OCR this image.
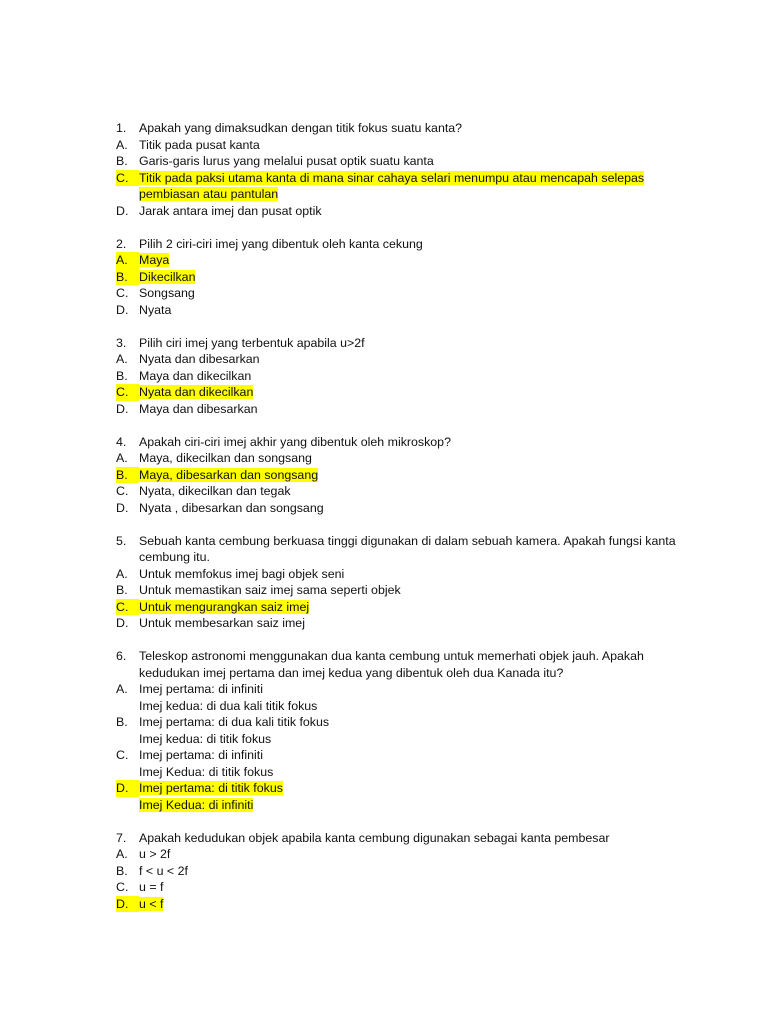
1.	Apakah yang dimaksudkan dengan titik fokus suatu kanta?
A. Titik pada pusat kanta
B. Garis-garis lurus yang melalui pusat optik suatu kanta
C. Titik pada paksi utama kanta di mana sinar cahaya selari menumpu atau mencapah selepas
pembiasan atau pantulan
D. Jarak antara imej dan pusat optik
2.	Pilih 2 ciri-ciri imej yang dibentuk oleh kanta cekung
A. Maya
B. Dikecilkan
C. Songsang
D. Nyata
3.	Pilih ciri imej yang terbentuk apabila u>2f
A. Nyata dan dibesarkan
B. Maya dan dikecilkan
C. Nyata dan dikecilkan
D. Maya dan dibesarkan
4.	Apakah ciri-ciri imej akhir yang dibentuk oleh mikroskop?
A. Maya, dikecilkan dan songsang
B. Maya, dibesarkan dan songsang
C. Nyata, dikecilkan dan tegak
D. Nyata , dibesarkan dan songsang
5.	Sebuah kanta cembung berkuasa tinggi digunakan di dalam sebuah kamera. Apakah fungsi kanta cembung itu.
A. Untuk memfokus imej bagi objek seni
B. Untuk memastikan saiz imej sama seperti objek
C. Untuk mengurangkan saiz imej
D. Untuk membesarkan saiz imej
6.	Teleskop astronomi menggunakan dua kanta cembung untuk memerhati objek jauh. Apakah kedudukan imej pertama dan imej kedua yang dibentuk oleh dua Kanada itu?
A. Imej pertama: di infiniti
Imej kedua: di dua kali titik fokus
B. Imej pertama: di dua kali titik fokus
Imej kedua: di titik fokus
C. Imej pertama: di infiniti
Imej Kedua: di titik fokus
D. Imej pertama: di titik fokus
Imej Kedua: di infiniti
7.	Apakah kedudukan objek apabila kanta cembung digunakan sebagai kanta pembesar
A. u > 2f
B. f < u < 2f
C. u = f
D. u < f
